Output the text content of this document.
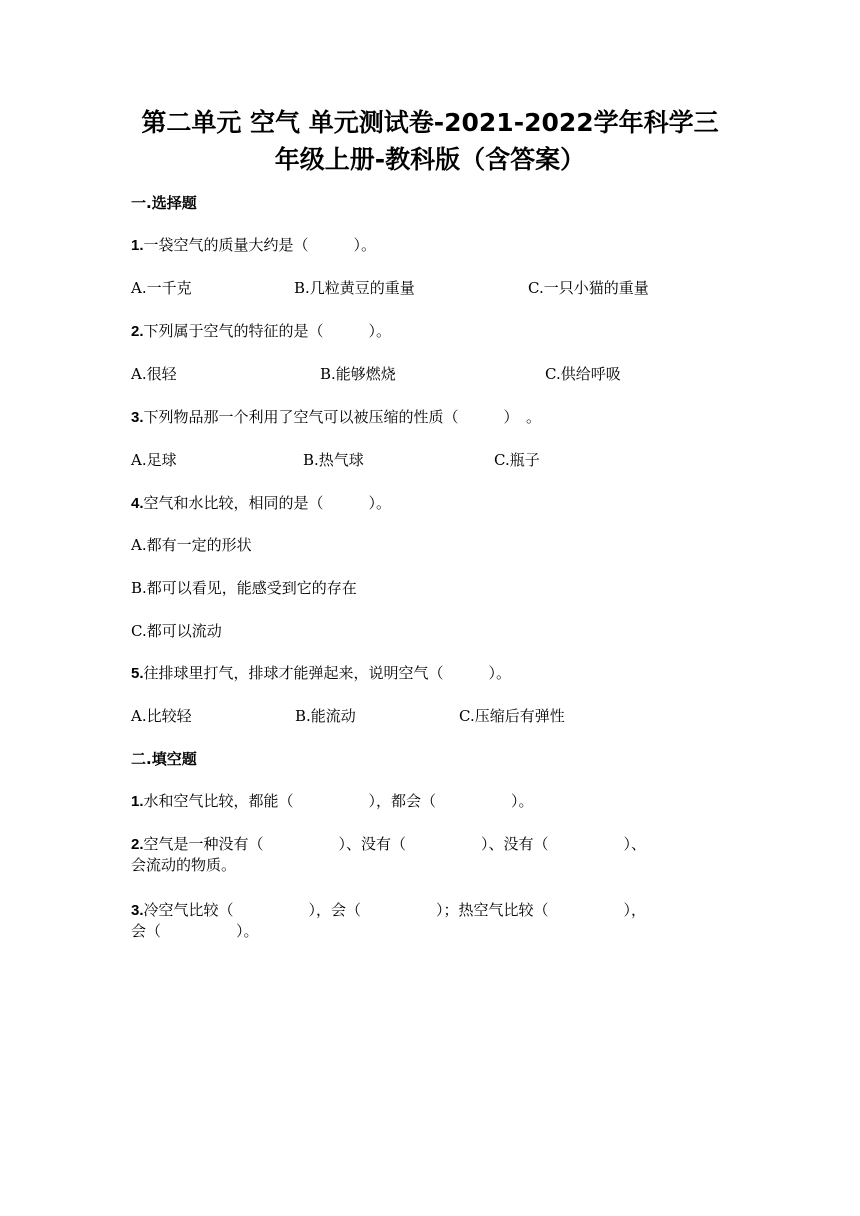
第二单元 空气 单元测试卷-2021-2022学年科学三
年级上册-教科版（含答案）
一.选择题
1.一袋空气的质量大约是（　　　）。
A.一千克	B.几粒黄豆的重量	C.一只小猫的重量
2.下列属于空气的特征的是（　　　）。
A.很轻	B.能够燃烧	C.供给呼吸
3.下列物品那一个利用了空气可以被压缩的性质（　　　）　。
A.足球	B.热气球	C.瓶子
4.空气和水比较，相同的是（　　　）。
A.都有一定的形状
B.都可以看见，能感受到它的存在
C.都可以流动
5.往排球里打气，排球才能弹起来，说明空气（　　　）。
A.比较轻	B.能流动	C.压缩后有弹性
二.填空题
1.水和空气比较，都能（　　　　　），都会（　　　　　）。
2.空气是一种没有（　　　　　）、没有（　　　　　）、没有（　　　　　）、
会流动的物质。
3.冷空气比较（　　　　　），会（　　　　　）；热空气比较（　　　　　），
会（　　　　　）。
